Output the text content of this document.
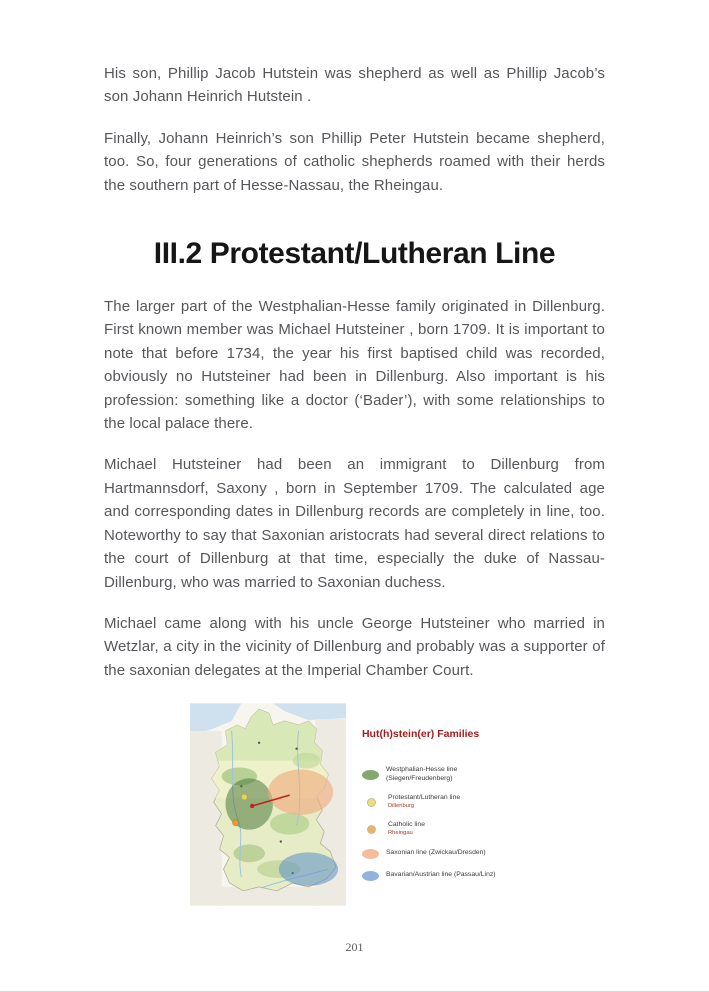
His son, Phillip Jacob Hutstein was shepherd as well as Phillip Jacob’s son Johann Heinrich Hutstein .

Finally, Johann Heinrich’s son Phillip Peter Hutstein became shepherd, too. So, four generations of catholic shepherds roamed with their herds the southern part of Hesse-Nassau, the Rheingau.

III.2 Protestant/Lutheran Line

The larger part of the Westphalian-Hesse family originated in Dillenburg. First known member was Michael Hutsteiner , born 1709. It is important to note that before 1734, the year his first baptised child was recorded, obviously no Hutsteiner had been in Dillenburg. Also important is his profession: something like a doctor (‘Bader’), with some relationships to the local palace there.

Michael Hutsteiner had been an immigrant to Dillenburg from Hartmannsdorf, Saxony , born in September 1709. The calculated age and corresponding dates in Dillenburg records are completely in line, too. Noteworthy to say that Saxonian aristocrats had several direct relations to the court of Dillenburg at that time, especially the duke of Nassau-Dillenburg, who was married to Saxonian duchess.

Michael came along with his uncle George Hutsteiner who married in Wetzlar, a city in the vicinity of Dillenburg and probably was a supporter of the saxonian delegates at the Imperial Chamber Court.

Hut(h)stein(er) Families
Westphalian-Hesse line (Siegen/Freudenberg)
Protestant/Lutheran line
Dillenburg
Catholic line
Rheingau
Saxonian line (Zwickau/Dresden)
Bavarian/Austrian line (Passau/Linz)
201
